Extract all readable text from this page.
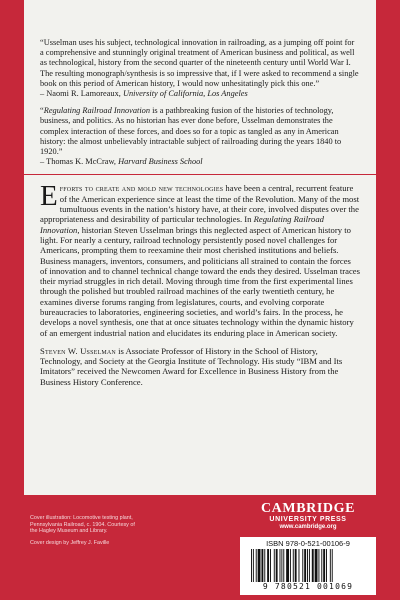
“Usselman uses his subject, technological innovation in railroading, as a jumping off point for a comprehensive and stunningly original treatment of American business and political, as well as technological, history from the second quarter of the nineteenth century until World War I. The resulting monograph/synthesis is so impressive that, if I were asked to recommend a single book on this period of American history, I would now unhesitatingly pick this one.”
– Naomi R. Lamoreaux, University of California, Los Angeles

“Regulating Railroad Innovation is a pathbreaking fusion of the histories of technology, business, and politics. As no historian has ever done before, Usselman demonstrates the complex interaction of these forces, and does so for a topic as tangled as any in American history: the almost unbelievably intractable subject of railroading during the years 1840 to 1920.”
– Thomas K. McCraw, Harvard Business School

Efforts to create and mold new technologies have been a central, recurrent feature of the American experience since at least the time of the Revolution. Many of the most tumultuous events in the nation’s history have, at their core, involved disputes over the appropriateness and desirability of particular technologies. In Regulating Railroad Innovation, historian Steven Usselman brings this neglected aspect of American history to light. For nearly a century, railroad technology persistently posed novel challenges for Americans, prompting them to reexamine their most cherished institutions and beliefs. Business managers, inventors, consumers, and politicians all strained to contain the forces of innovation and to channel technical change toward the ends they desired. Usselman traces their myriad struggles in rich detail. Moving through time from the first experimental lines through the polished but troubled railroad machines of the early twentieth century, he examines diverse forums ranging from legislatures, courts, and evolving corporate bureaucracies to laboratories, engineering societies, and world’s fairs. In the process, he develops a novel synthesis, one that at once situates technology within the dynamic history of an emergent industrial nation and elucidates its enduring place in American society.

Steven W. Usselman is Associate Professor of History in the School of History, Technology, and Society at the Georgia Institute of Technology. His study “IBM and Its Imitators” received the Newcomen Award for Excellence in Business History from the Business History Conference.

Cover illustration: Locomotive testing plant, Pennsylvania Railroad, c. 1904. Courtesy of the Hagley Museum and Library.

Cover design by Jeffrey J. Faville

CAMBRIDGE
UNIVERSITY PRESS
www.cambridge.org
ISBN 978-0-521-00106-9
9 780521 001069
